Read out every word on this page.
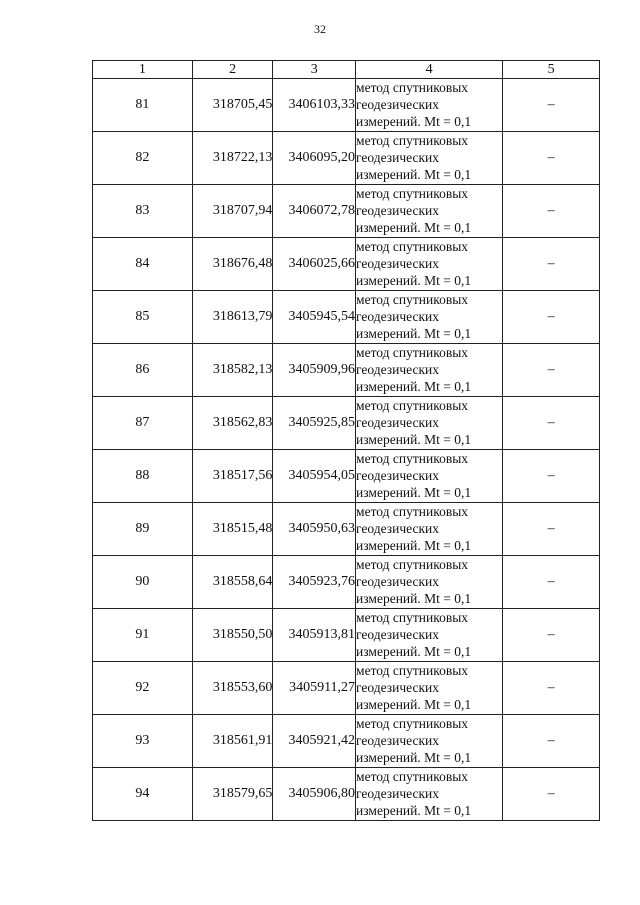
32
1	2	3	4	5
81	318705,45	3406103,33	метод спутниковых
геодезических
измерений. Mt = 0,1	–
82	318722,13	3406095,20	метод спутниковых
геодезических
измерений. Mt = 0,1	–
83	318707,94	3406072,78	метод спутниковых
геодезических
измерений. Mt = 0,1	–
84	318676,48	3406025,66	метод спутниковых
геодезических
измерений. Mt = 0,1	–
85	318613,79	3405945,54	метод спутниковых
геодезических
измерений. Mt = 0,1	–
86	318582,13	3405909,96	метод спутниковых
геодезических
измерений. Mt = 0,1	–
87	318562,83	3405925,85	метод спутниковых
геодезических
измерений. Mt = 0,1	–
88	318517,56	3405954,05	метод спутниковых
геодезических
измерений. Mt = 0,1	–
89	318515,48	3405950,63	метод спутниковых
геодезических
измерений. Mt = 0,1	–
90	318558,64	3405923,76	метод спутниковых
геодезических
измерений. Mt = 0,1	–
91	318550,50	3405913,81	метод спутниковых
геодезических
измерений. Mt = 0,1	–
92	318553,60	3405911,27	метод спутниковых
геодезических
измерений. Mt = 0,1	–
93	318561,91	3405921,42	метод спутниковых
геодезических
измерений. Mt = 0,1	–
94	318579,65	3405906,80	метод спутниковых
геодезических
измерений. Mt = 0,1	–
